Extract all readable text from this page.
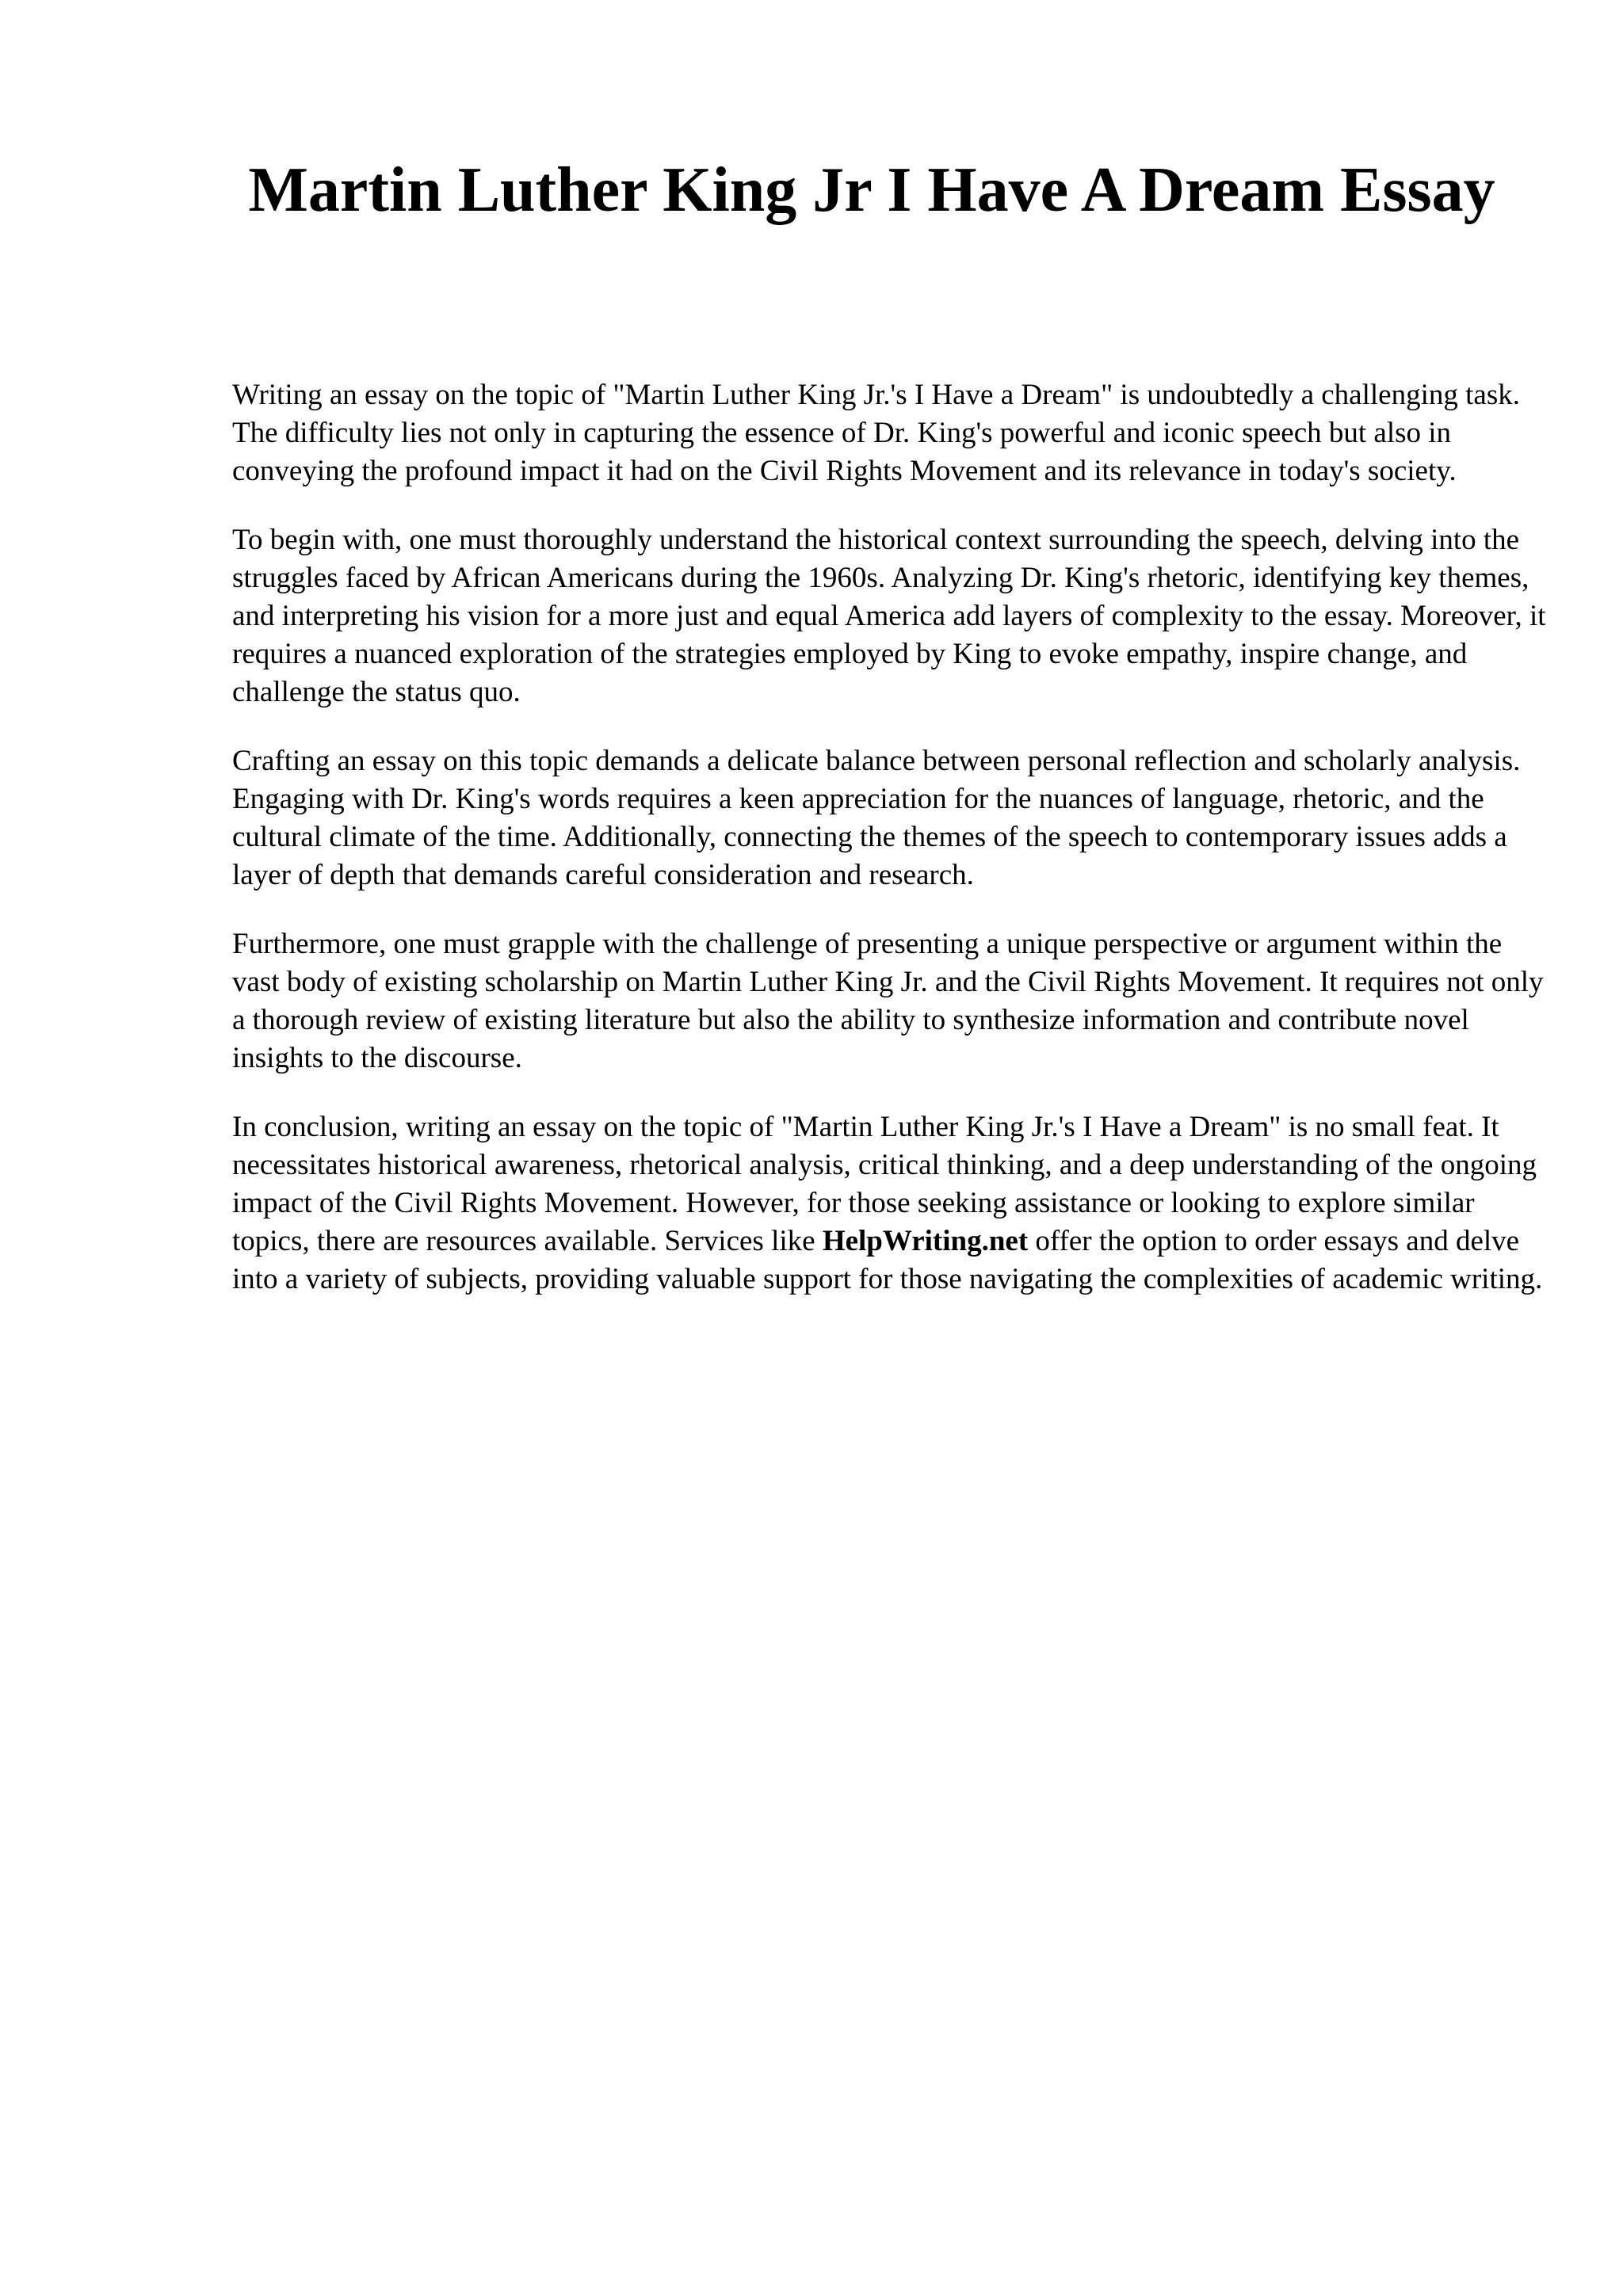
Martin Luther King Jr I Have A Dream Essay

Writing an essay on the topic of "Martin Luther King Jr.'s I Have a Dream" is undoubtedly a challenging task. The difficulty lies not only in capturing the essence of Dr. King's powerful and iconic speech but also in conveying the profound impact it had on the Civil Rights Movement and its relevance in today's society.

To begin with, one must thoroughly understand the historical context surrounding the speech, delving into the struggles faced by African Americans during the 1960s. Analyzing Dr. King's rhetoric, identifying key themes, and interpreting his vision for a more just and equal America add layers of complexity to the essay. Moreover, it requires a nuanced exploration of the strategies employed by King to evoke empathy, inspire change, and challenge the status quo.

Crafting an essay on this topic demands a delicate balance between personal reflection and scholarly analysis. Engaging with Dr. King's words requires a keen appreciation for the nuances of language, rhetoric, and the cultural climate of the time. Additionally, connecting the themes of the speech to contemporary issues adds a layer of depth that demands careful consideration and research.

Furthermore, one must grapple with the challenge of presenting a unique perspective or argument within the vast body of existing scholarship on Martin Luther King Jr. and the Civil Rights Movement. It requires not only a thorough review of existing literature but also the ability to synthesize information and contribute novel insights to the discourse.

In conclusion, writing an essay on the topic of "Martin Luther King Jr.'s I Have a Dream" is no small feat. It necessitates historical awareness, rhetorical analysis, critical thinking, and a deep understanding of the ongoing impact of the Civil Rights Movement. However, for those seeking assistance or looking to explore similar topics, there are resources available. Services like HelpWriting.net offer the option to order essays and delve into a variety of subjects, providing valuable support for those navigating the complexities of academic writing.
